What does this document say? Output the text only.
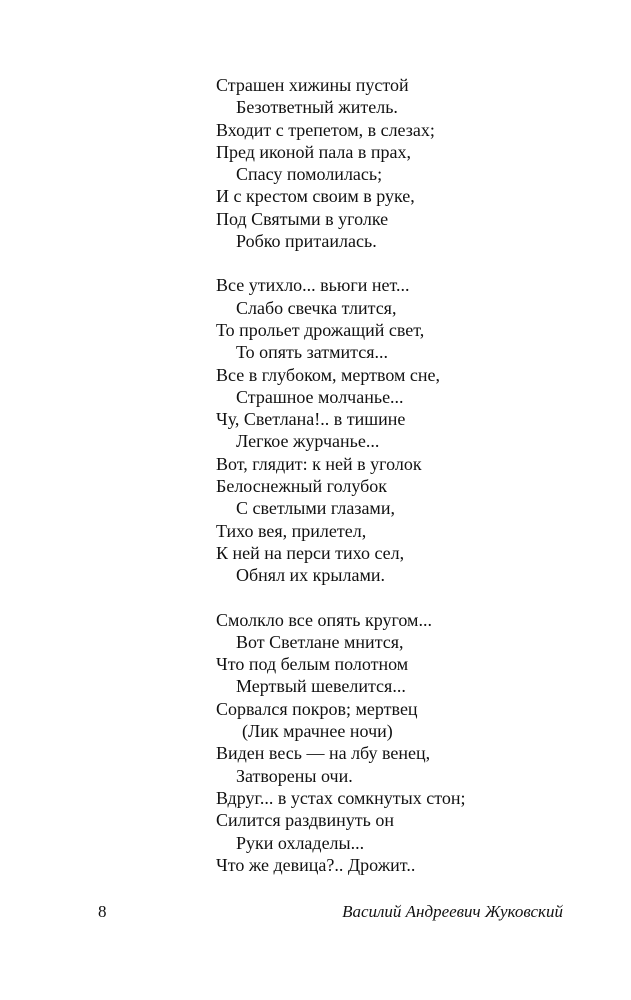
Страшен хижины пустой
Безответный житель.
Входит с трепетом, в слезах;
Пред иконой пала в прах,
Спасу помолилась;
И с крестом своим в руке,
Под Святыми в уголке
Робко притаилась.
Все утихло... вьюги нет...
Слабо свечка тлится,
То прольет дрожащий свет,
То опять затмится...
Все в глубоком, мертвом сне,
Страшное молчанье...
Чу, Светлана!.. в тишине
Легкое журчанье...
Вот, глядит: к ней в уголок
Белоснежный голубок
С светлыми глазами,
Тихо вея, прилетел,
К ней на перси тихо сел,
Обнял их крылами.
Смолкло все опять кругом...
Вот Светлане мнится,
Что под белым полотном
Мертвый шевелится...
Сорвался покров; мертвец
(Лик мрачнее ночи)
Виден весь — на лбу венец,
Затворены очи.
Вдруг... в устах сомкнутых стон;
Силится раздвинуть он
Руки охладелы...
Что же девица?.. Дрожит..
8	Василий Андреевич Жуковский
